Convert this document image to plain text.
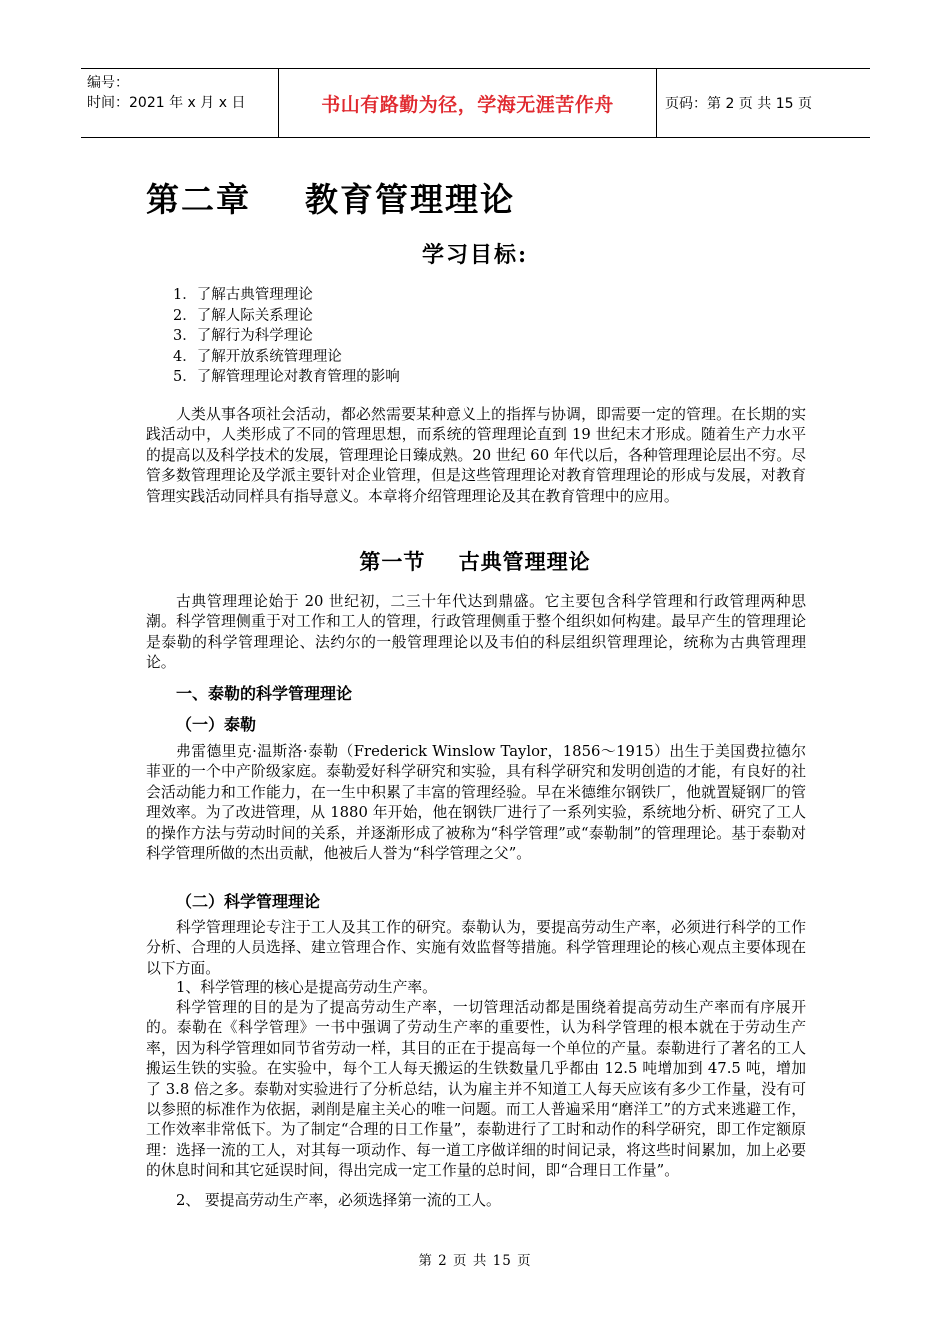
编号：
时间：2021 年 x 月 x 日	书山有路勤为径，学海无涯苦作舟	页码：第 2 页 共 15 页
第二章    教育管理理论
学习目标:
1．了解古典管理理论
2．了解人际关系理论
3．了解行为科学理论
4．了解开放系统管理理论
5．了解管理理论对教育管理的影响

人类从事各项社会活动，都必然需要某种意义上的指挥与协调，即需要一定的管理。在长期的实践活动中，人类形成了不同的管理思想，而系统的管理理论直到 19 世纪末才形成。随着生产力水平的提高以及科学技术的发展，管理理论日臻成熟。20 世纪 60 年代以后，各种管理理论层出不穷。尽管多数管理理论及学派主要针对企业管理，但是这些管理理论对教育管理理论的形成与发展，对教育管理实践活动同样具有指导意义。本章将介绍管理理论及其在教育管理中的应用。

第一节    古典管理理论

古典管理理论始于 20 世纪初，二三十年代达到鼎盛。它主要包含科学管理和行政管理两种思潮。科学管理侧重于对工作和工人的管理，行政管理侧重于整个组织如何构建。最早产生的管理理论是泰勒的科学管理理论、法约尔的一般管理理论以及韦伯的科层组织管理理论，统称为古典管理理论。

一、泰勒的科学管理理论
（一）泰勒

弗雷德里克·温斯洛·泰勒（Frederick Winslow Taylor，1856～1915）出生于美国费拉德尔菲亚的一个中产阶级家庭。泰勒爱好科学研究和实验，具有科学研究和发明创造的才能，有良好的社会活动能力和工作能力，在一生中积累了丰富的管理经验。早在米德维尔钢铁厂，他就置疑钢厂的管理效率。为了改进管理，从 1880 年开始，他在钢铁厂进行了一系列实验，系统地分析、研究了工人的操作方法与劳动时间的关系，并逐渐形成了被称为“科学管理”或“泰勒制”的管理理论。基于泰勒对科学管理所做的杰出贡献，他被后人誉为“科学管理之父”。

（二）科学管理理论

科学管理理论专注于工人及其工作的研究。泰勒认为，要提高劳动生产率，必须进行科学的工作分析、合理的人员选择、建立管理合作、实施有效监督等措施。科学管理理论的核心观点主要体现在以下方面。

1、科学管理的核心是提高劳动生产率。

科学管理的目的是为了提高劳动生产率，一切管理活动都是围绕着提高劳动生产率而有序展开的。泰勒在《科学管理》一书中强调了劳动生产率的重要性，认为科学管理的根本就在于劳动生产率，因为科学管理如同节省劳动一样，其目的正在于提高每一个单位的产量。泰勒进行了著名的工人搬运生铁的实验。在实验中，每个工人每天搬运的生铁数量几乎都由 12.5 吨增加到 47.5 吨，增加了 3.8 倍之多。泰勒对实验进行了分析总结，认为雇主并不知道工人每天应该有多少工作量，没有可以参照的标准作为依据，剥削是雇主关心的唯一问题。而工人普遍采用“磨洋工”的方式来逃避工作，工作效率非常低下。为了制定“合理的日工作量”，泰勒进行了工时和动作的科学研究，即工作定额原理：选择一流的工人，对其每一项动作、每一道工序做详细的时间记录，将这些时间累加，加上必要的休息时间和其它延误时间，得出完成一定工作量的总时间，即“合理日工作量”。

2、 要提高劳动生产率，必须选择第一流的工人。
第 2 页 共 15 页
